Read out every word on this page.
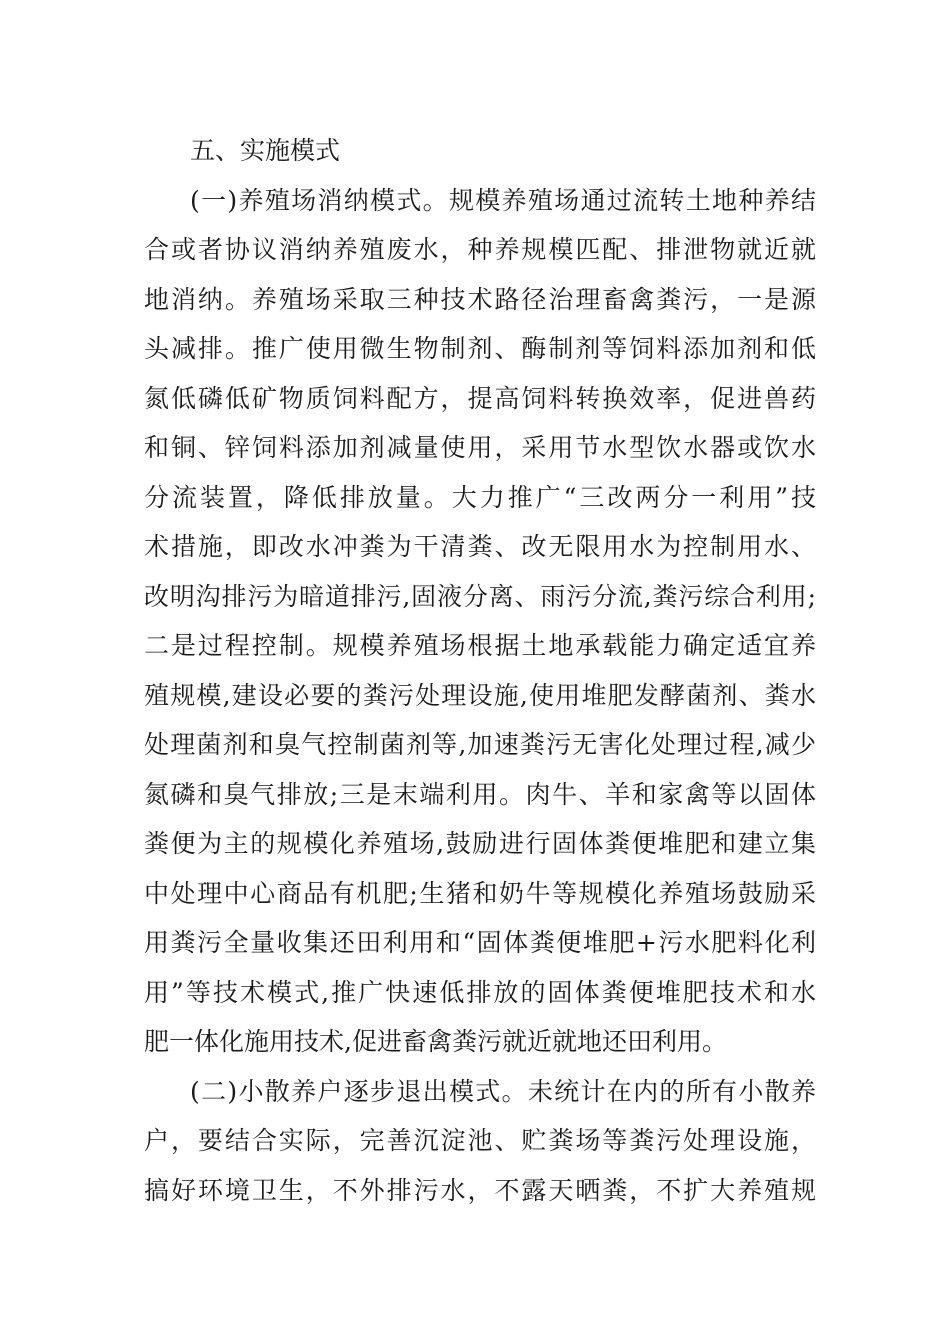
五、实施模式
(一)养殖场消纳模式。规模养殖场通过流转土地种养结
合或者协议消纳养殖废水，种养规模匹配、排泄物就近就
地消纳。养殖场采取三种技术路径治理畜禽粪污，一是源
头减排。推广使用微生物制剂、酶制剂等饲料添加剂和低
氮低磷低矿物质饲料配方，提高饲料转换效率，促进兽药
和铜、锌饲料添加剂减量使用，采用节水型饮水器或饮水
分流装置，降低排放量。大力推广“三改两分一利用”技
术措施，即改水冲粪为干清粪、改无限用水为控制用水、
改明沟排污为暗道排污,固液分离、雨污分流,粪污综合利用;
二是过程控制。规模养殖场根据土地承载能力确定适宜养
殖规模,建设必要的粪污处理设施,使用堆肥发酵菌剂、粪水
处理菌剂和臭气控制菌剂等,加速粪污无害化处理过程,减少
氮磷和臭气排放;三是末端利用。肉牛、羊和家禽等以固体
粪便为主的规模化养殖场,鼓励进行固体粪便堆肥和建立集
中处理中心商品有机肥;生猪和奶牛等规模化养殖场鼓励采
用粪污全量收集还田利用和“固体粪便堆肥+污水肥料化利
用”等技术模式,推广快速低排放的固体粪便堆肥技术和水
肥一体化施用技术,促进畜禽粪污就近就地还田利用。
(二)小散养户逐步退出模式。未统计在内的所有小散养
户，要结合实际，完善沉淀池、贮粪场等粪污处理设施，
搞好环境卫生，不外排污水，不露天晒粪，不扩大养殖规
